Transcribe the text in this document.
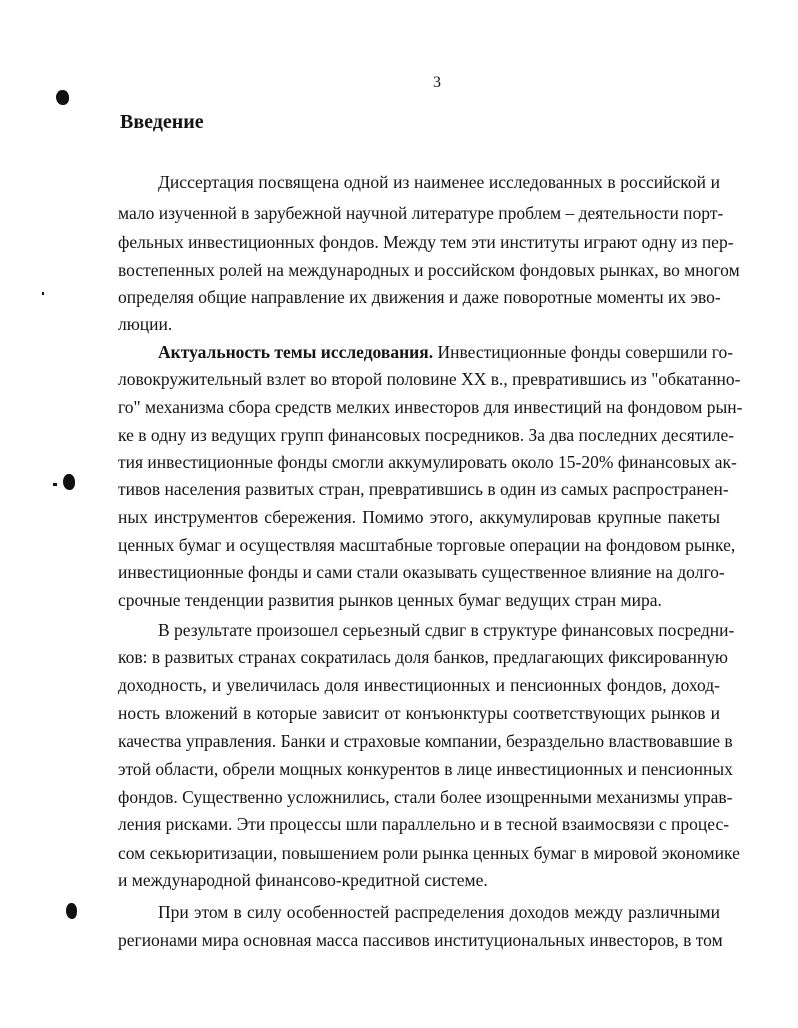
3
Введение
Диссертация посвящена одной из наименее исследованных в российской и
мало изученной в зарубежной научной литературе проблем – деятельности порт-
фельных инвестиционных фондов. Между тем эти институты играют одну из пер-
востепенных ролей на международных и российском фондовых рынках, во многом
определяя общие направление их движения и даже поворотные моменты их эво-
люции.
Актуальность темы исследования. Инвестиционные фонды совершили го-
ловокружительный взлет во второй половине XX в., превратившись из "обкатанно-
го" механизма сбора средств мелких инвесторов для инвестиций на фондовом рын-
ке в одну из ведущих групп финансовых посредников. За два последних десятиле-
тия инвестиционные фонды смогли аккумулировать около 15-20% финансовых ак-
тивов населения развитых стран, превратившись в один из самых распространен-
ных инструментов сбережения. Помимо этого, аккумулировав крупные пакеты
ценных бумаг и осуществляя масштабные торговые операции на фондовом рынке,
инвестиционные фонды и сами стали оказывать существенное влияние на долго-
срочные тенденции развития рынков ценных бумаг ведущих стран мира.
В результате произошел серьезный сдвиг в структуре финансовых посредни-
ков: в развитых странах сократилась доля банков, предлагающих фиксированную
доходность, и увеличилась доля инвестиционных и пенсионных фондов, доход-
ность вложений в которые зависит от конъюнктуры соответствующих рынков и
качества управления. Банки и страховые компании, безраздельно властвовавшие в
этой области, обрели мощных конкурентов в лице инвестиционных и пенсионных
фондов. Существенно усложнились, стали более изощренными механизмы управ-
ления рисками. Эти процессы шли параллельно и в тесной взаимосвязи с процес-
сом секьюритизации, повышением роли рынка ценных бумаг в мировой экономике
и международной финансово-кредитной системе.
При этом в силу особенностей распределения доходов между различными
регионами мира основная масса пассивов институциональных инвесторов, в том
